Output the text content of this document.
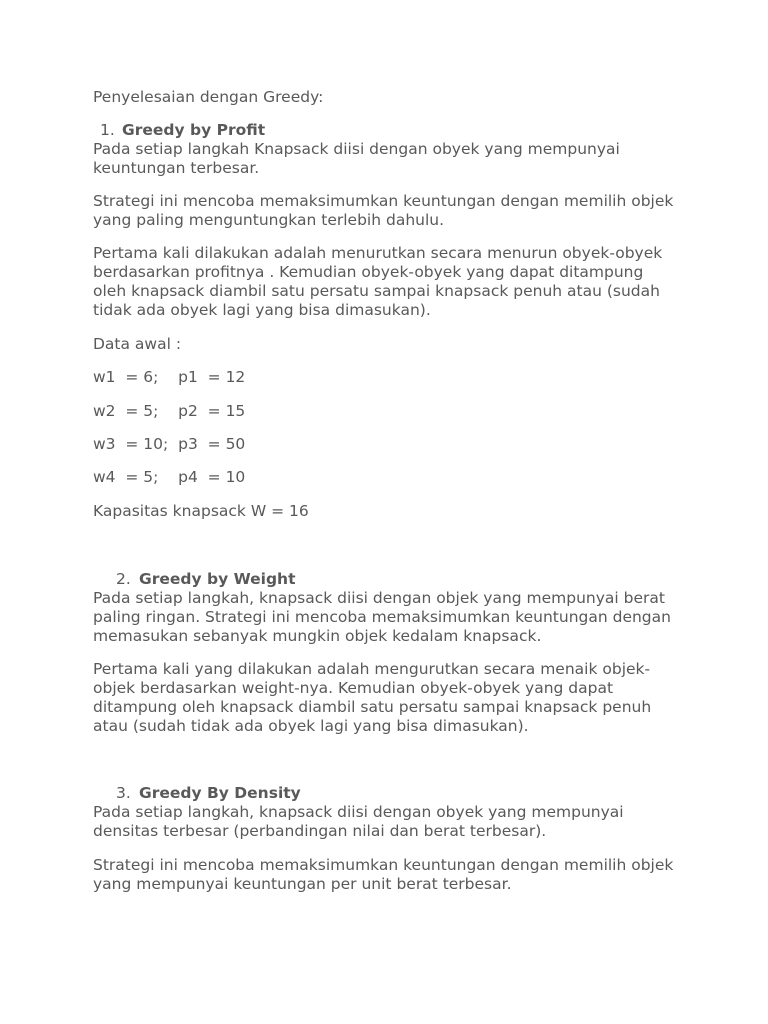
Penyelesaian dengan Greedy:

1. Greedy by Profit

Pada setiap langkah Knapsack diisi dengan obyek yang mempunyai

keuntungan terbesar.

Strategi ini mencoba memaksimumkan keuntungan dengan memilih objek

yang paling menguntungkan terlebih dahulu.

Pertama kali dilakukan adalah menurutkan secara menurun obyek-obyek

berdasarkan profitnya . Kemudian obyek-obyek yang dapat ditampung

oleh knapsack diambil satu persatu sampai knapsack penuh atau (sudah

tidak ada obyek lagi yang bisa dimasukan).

Data awal :

w1  = 6;    p1  = 12

w2  = 5;    p2  = 15

w3  = 10;  p3  = 50

w4  = 5;    p4  = 10

Kapasitas knapsack W = 16

2. Greedy by Weight

Pada setiap langkah, knapsack diisi dengan objek yang mempunyai berat

paling ringan. Strategi ini mencoba memaksimumkan keuntungan dengan

memasukan sebanyak mungkin objek kedalam knapsack.

Pertama kali yang dilakukan adalah mengurutkan secara menaik objek-

objek berdasarkan weight-nya. Kemudian obyek-obyek yang dapat

ditampung oleh knapsack diambil satu persatu sampai knapsack penuh

atau (sudah tidak ada obyek lagi yang bisa dimasukan).

3. Greedy By Density

Pada setiap langkah, knapsack diisi dengan obyek yang mempunyai

densitas terbesar (perbandingan nilai dan berat terbesar).

Strategi ini mencoba memaksimumkan keuntungan dengan memilih objek

yang mempunyai keuntungan per unit berat terbesar.
